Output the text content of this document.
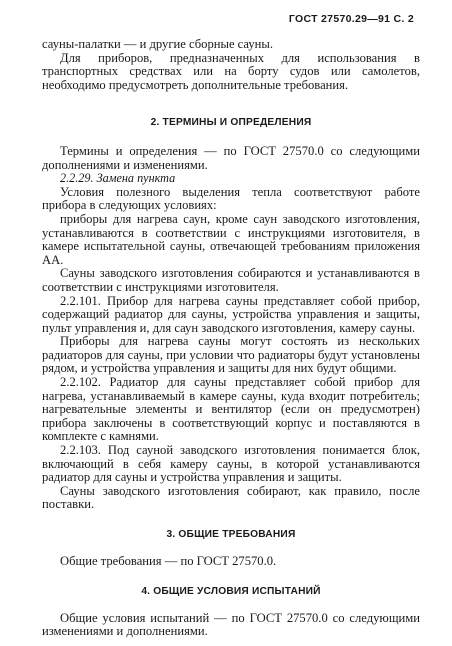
ГОСТ 27570.29—91 С. 2

сауны-палатки — и другие сборные сауны.

Для приборов, предназначенных для использования в транспортных средствах или на борту судов или самолетов, необходимо предусмотреть дополнительные требования.

2. ТЕРМИНЫ И ОПРЕДЕЛЕНИЯ

Термины и определения — по ГОСТ 27570.0 со следующими дополнениями и изменениями.

2.2.29. Замена пункта

Условия полезного выделения тепла соответствуют работе прибора в следующих условиях:

приборы для нагрева саун, кроме саун заводского изготовления, устанавливаются в соответствии с инструкциями изготовителя, в камере испытательной сауны, отвечающей требованиям приложения АА.

Сауны заводского изготовления собираются и устанавливаются в соответствии с инструкциями изготовителя.

2.2.101. Прибор для нагрева сауны представляет собой прибор, содержащий радиатор для сауны, устройства управления и защиты, пульт управления и, для саун заводского изготовления, камеру сауны.

Приборы для нагрева сауны могут состоять из нескольких радиаторов для сауны, при условии что радиаторы будут установлены рядом, и устройства управления и защиты для них будут общими.

2.2.102. Радиатор для сауны представляет собой прибор для нагрева, устанавливаемый в камере сауны, куда входит потребитель; нагревательные элементы и вентилятор (если он предусмотрен) прибора заключены в соответствующий корпус и поставляются в комплекте с камнями.

2.2.103. Под сауной заводского изготовления понимается блок, включающий в себя камеру сауны, в которой устанавливаются радиатор для сауны и устройства управления и защиты.

Сауны заводского изготовления собирают, как правило, после поставки.

3. ОБЩИЕ ТРЕБОВАНИЯ

Общие требования — по ГОСТ 27570.0.

4. ОБЩИЕ УСЛОВИЯ ИСПЫТАНИЙ

Общие условия испытаний — по ГОСТ 27570.0 со следующими изменениями и дополнениями.
